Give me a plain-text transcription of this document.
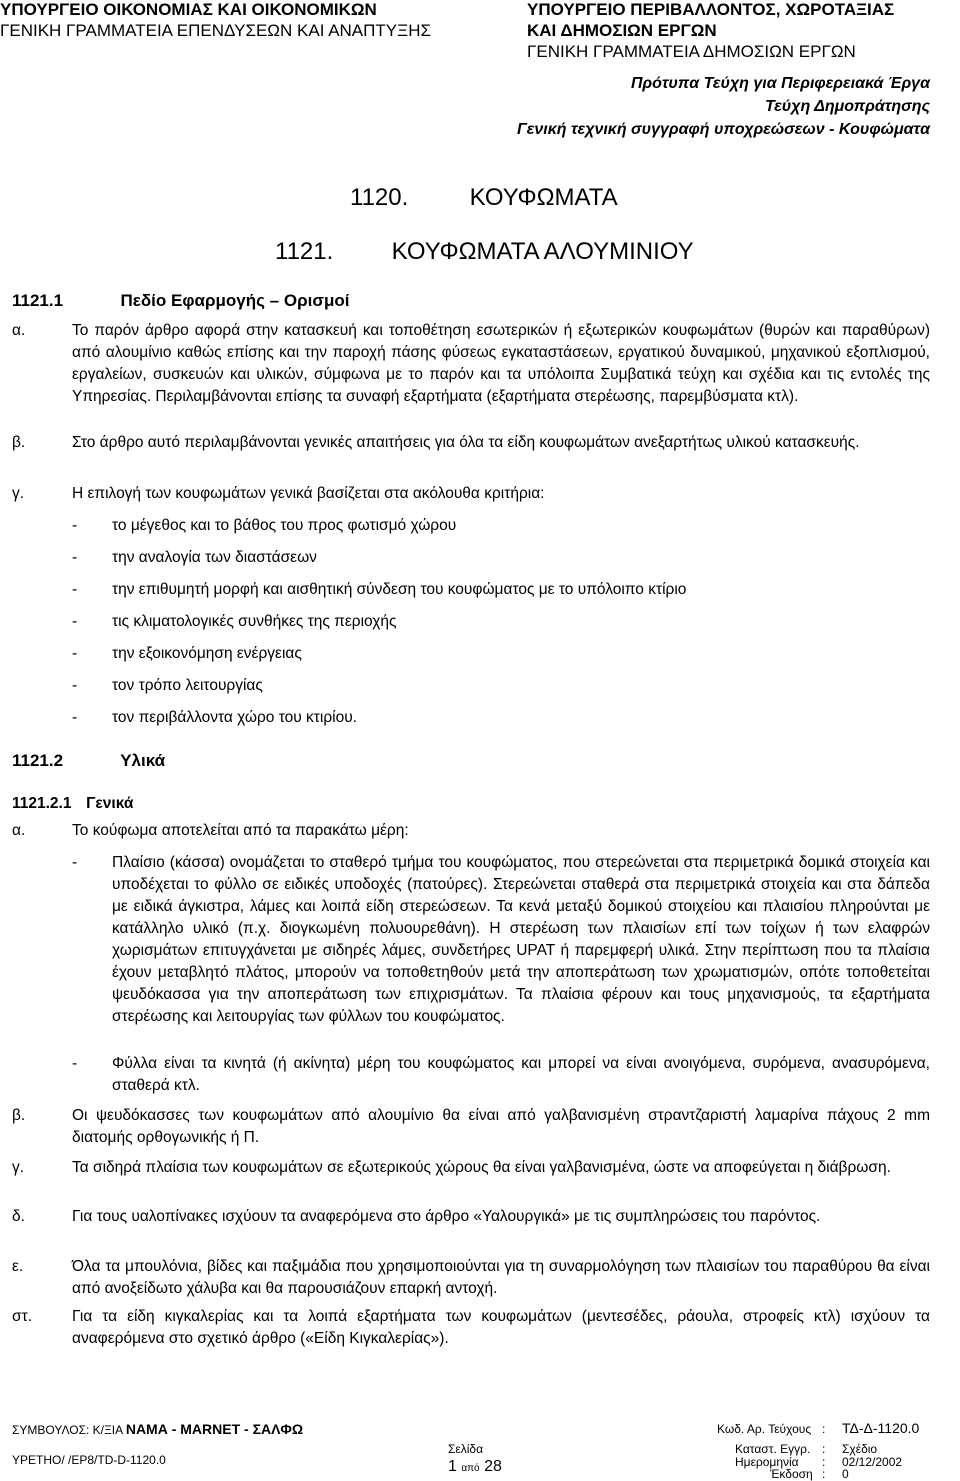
ΥΠΟΥΡΓΕΙΟ ΟΙΚΟΝΟΜΙΑΣ ΚΑΙ ΟΙΚΟΝΟΜΙΚΩΝ
ΓΕΝΙΚΗ ΓΡΑΜΜΑΤΕΙΑ ΕΠΕΝΔΥΣΕΩΝ ΚΑΙ ΑΝΑΠΤΥΞΗΣ
ΥΠΟΥΡΓΕΙΟ ΠΕΡΙΒΑΛΛΟΝΤΟΣ, ΧΩΡΟΤΑΞΙΑΣ
ΚΑΙ ΔΗΜΟΣΙΩΝ ΕΡΓΩΝ
ΓΕΝΙΚΗ ΓΡΑΜΜΑΤΕΙΑ ΔΗΜΟΣΙΩΝ ΕΡΓΩΝ
Πρότυπα Τεύχη για Περιφερειακά Έργα
Τεύχη Δημοπράτησης
Γενική τεχνική συγγραφή υποχρεώσεων - Κουφώματα
1120.	ΚΟΥΦΩΜΑΤΑ
1121. ΚΟΥΦΩΜΑΤΑ ΑΛΟΥΜΙΝΙΟΥ
1121.1	Πεδίο Εφαρμογής – Ορισμοί
α.	Το παρόν άρθρο αφορά στην κατασκευή και τοποθέτηση εσωτερικών ή εξωτερικών κουφωμάτων (θυρών και παραθύρων) από αλουμίνιο καθώς επίσης και την παροχή πάσης φύσεως εγκαταστάσεων, εργατικού δυναμικού, μηχανικού εξοπλισμού, εργαλείων, συσκευών και υλικών, σύμφωνα με το παρόν και τα υπόλοιπα Συμβατικά τεύχη και σχέδια και τις εντολές της Υπηρεσίας. Περιλαμβάνονται επίσης τα συναφή εξαρτήματα (εξαρτήματα στερέωσης, παρεμβύσματα κτλ).
β.	Στο άρθρο αυτό περιλαμβάνονται γενικές απαιτήσεις για όλα τα είδη κουφωμάτων ανεξαρτήτως υλικού κατασκευής.
γ.	Η επιλογή των κουφωμάτων γενικά βασίζεται στα ακόλουθα κριτήρια:
- το μέγεθος και το βάθος του προς φωτισμό χώρου
- την αναλογία των διαστάσεων
- την επιθυμητή μορφή και αισθητική σύνδεση του κουφώματος με το υπόλοιπο κτίριο
- τις κλιματολογικές συνθήκες της περιοχής
- την εξοικονόμηση ενέργειας
- τον τρόπο λειτουργίας
- τον περιβάλλοντα χώρο του κτιρίου.
1121.2	Υλικά
1121.2.1 Γενικά
α.	Το κούφωμα αποτελείται από τα παρακάτω μέρη:
-	Πλαίσιο (κάσσα) ονομάζεται το σταθερό τμήμα του κουφώματος, που στερεώνεται στα περιμετρικά δομικά στοιχεία και υποδέχεται το φύλλο σε ειδικές υποδοχές (πατούρες). Στερεώνεται σταθερά στα περιμετρικά στοιχεία και στα δάπεδα με ειδικά άγκιστρα, λάμες και λοιπά είδη στερεώσεων. Τα κενά μεταξύ δομικού στοιχείου και πλαισίου πληρούνται με κατάλληλο υλικό (π.χ. διογκωμένη πολυουρεθάνη). Η στερέωση των πλαισίων επί των τοίχων ή των ελαφρών χωρισμάτων επιτυγχάνεται με σιδηρές λάμες, συνδετήρες UPAT ή παρεμφερή υλικά. Στην περίπτωση που τα πλαίσια έχουν μεταβλητό πλάτος, μπορούν να τοποθετηθούν μετά την αποπεράτωση των χρωματισμών, οπότε τοποθετείται ψευδόκασσα για την αποπεράτωση των επιχρισμάτων. Τα πλαίσια φέρουν και τους μηχανισμούς, τα εξαρτήματα στερέωσης και λειτουργίας των φύλλων του κουφώματος.
-	Φύλλα είναι τα κινητά (ή ακίνητα) μέρη του κουφώματος και μπορεί να είναι ανοιγόμενα, συρόμενα, ανασυρόμενα, σταθερά κτλ.
β.	Οι ψευδόκασσες των κουφωμάτων από αλουμίνιο θα είναι από γαλβανισμένη στραντζαριστή λαμαρίνα πάχους 2 mm διατομής ορθογωνικής ή Π.
γ.	Τα σιδηρά πλαίσια των κουφωμάτων σε εξωτερικούς χώρους θα είναι γαλβανισμένα, ώστε να αποφεύγεται η διάβρωση.
δ.	Για τους υαλοπίνακες ισχύουν τα αναφερόμενα στο άρθρο «Υαλουργικά» με τις συμπληρώσεις του παρόντος.
ε.	Όλα τα μπουλόνια, βίδες και παξιμάδια που χρησιμοποιούνται για τη συναρμολόγηση των πλαισίων του παραθύρου θα είναι από ανοξείδωτο χάλυβα και θα παρουσιάζουν επαρκή αντοχή.
στ.	Για τα είδη κιγκαλερίας και τα λοιπά εξαρτήματα των κουφωμάτων (μεντεσέδες, ράουλα, στροφείς κτλ) ισχύουν τα αναφερόμενα στο σχετικό άρθρο («Είδη Κιγκαλερίας»).
ΣΥΜΒΟΥΛΟΣ: Κ/ΞΙΑ ΝΑΜΑ - ΜΑRΝΕΤ - ΣΑΛΦΩ
ΥΡΕΤΗΟ/ /ΕΡ8/ΤD-D-1120.0
Σελίδα
1 από 28
Κωδ. Αρ. Τεύχους : ΤΔ-Δ-1120.0
Καταστ. Εγγρ. : Σχέδιο
Ημερομηνία : 02/12/2002
Έκδοση : 0
